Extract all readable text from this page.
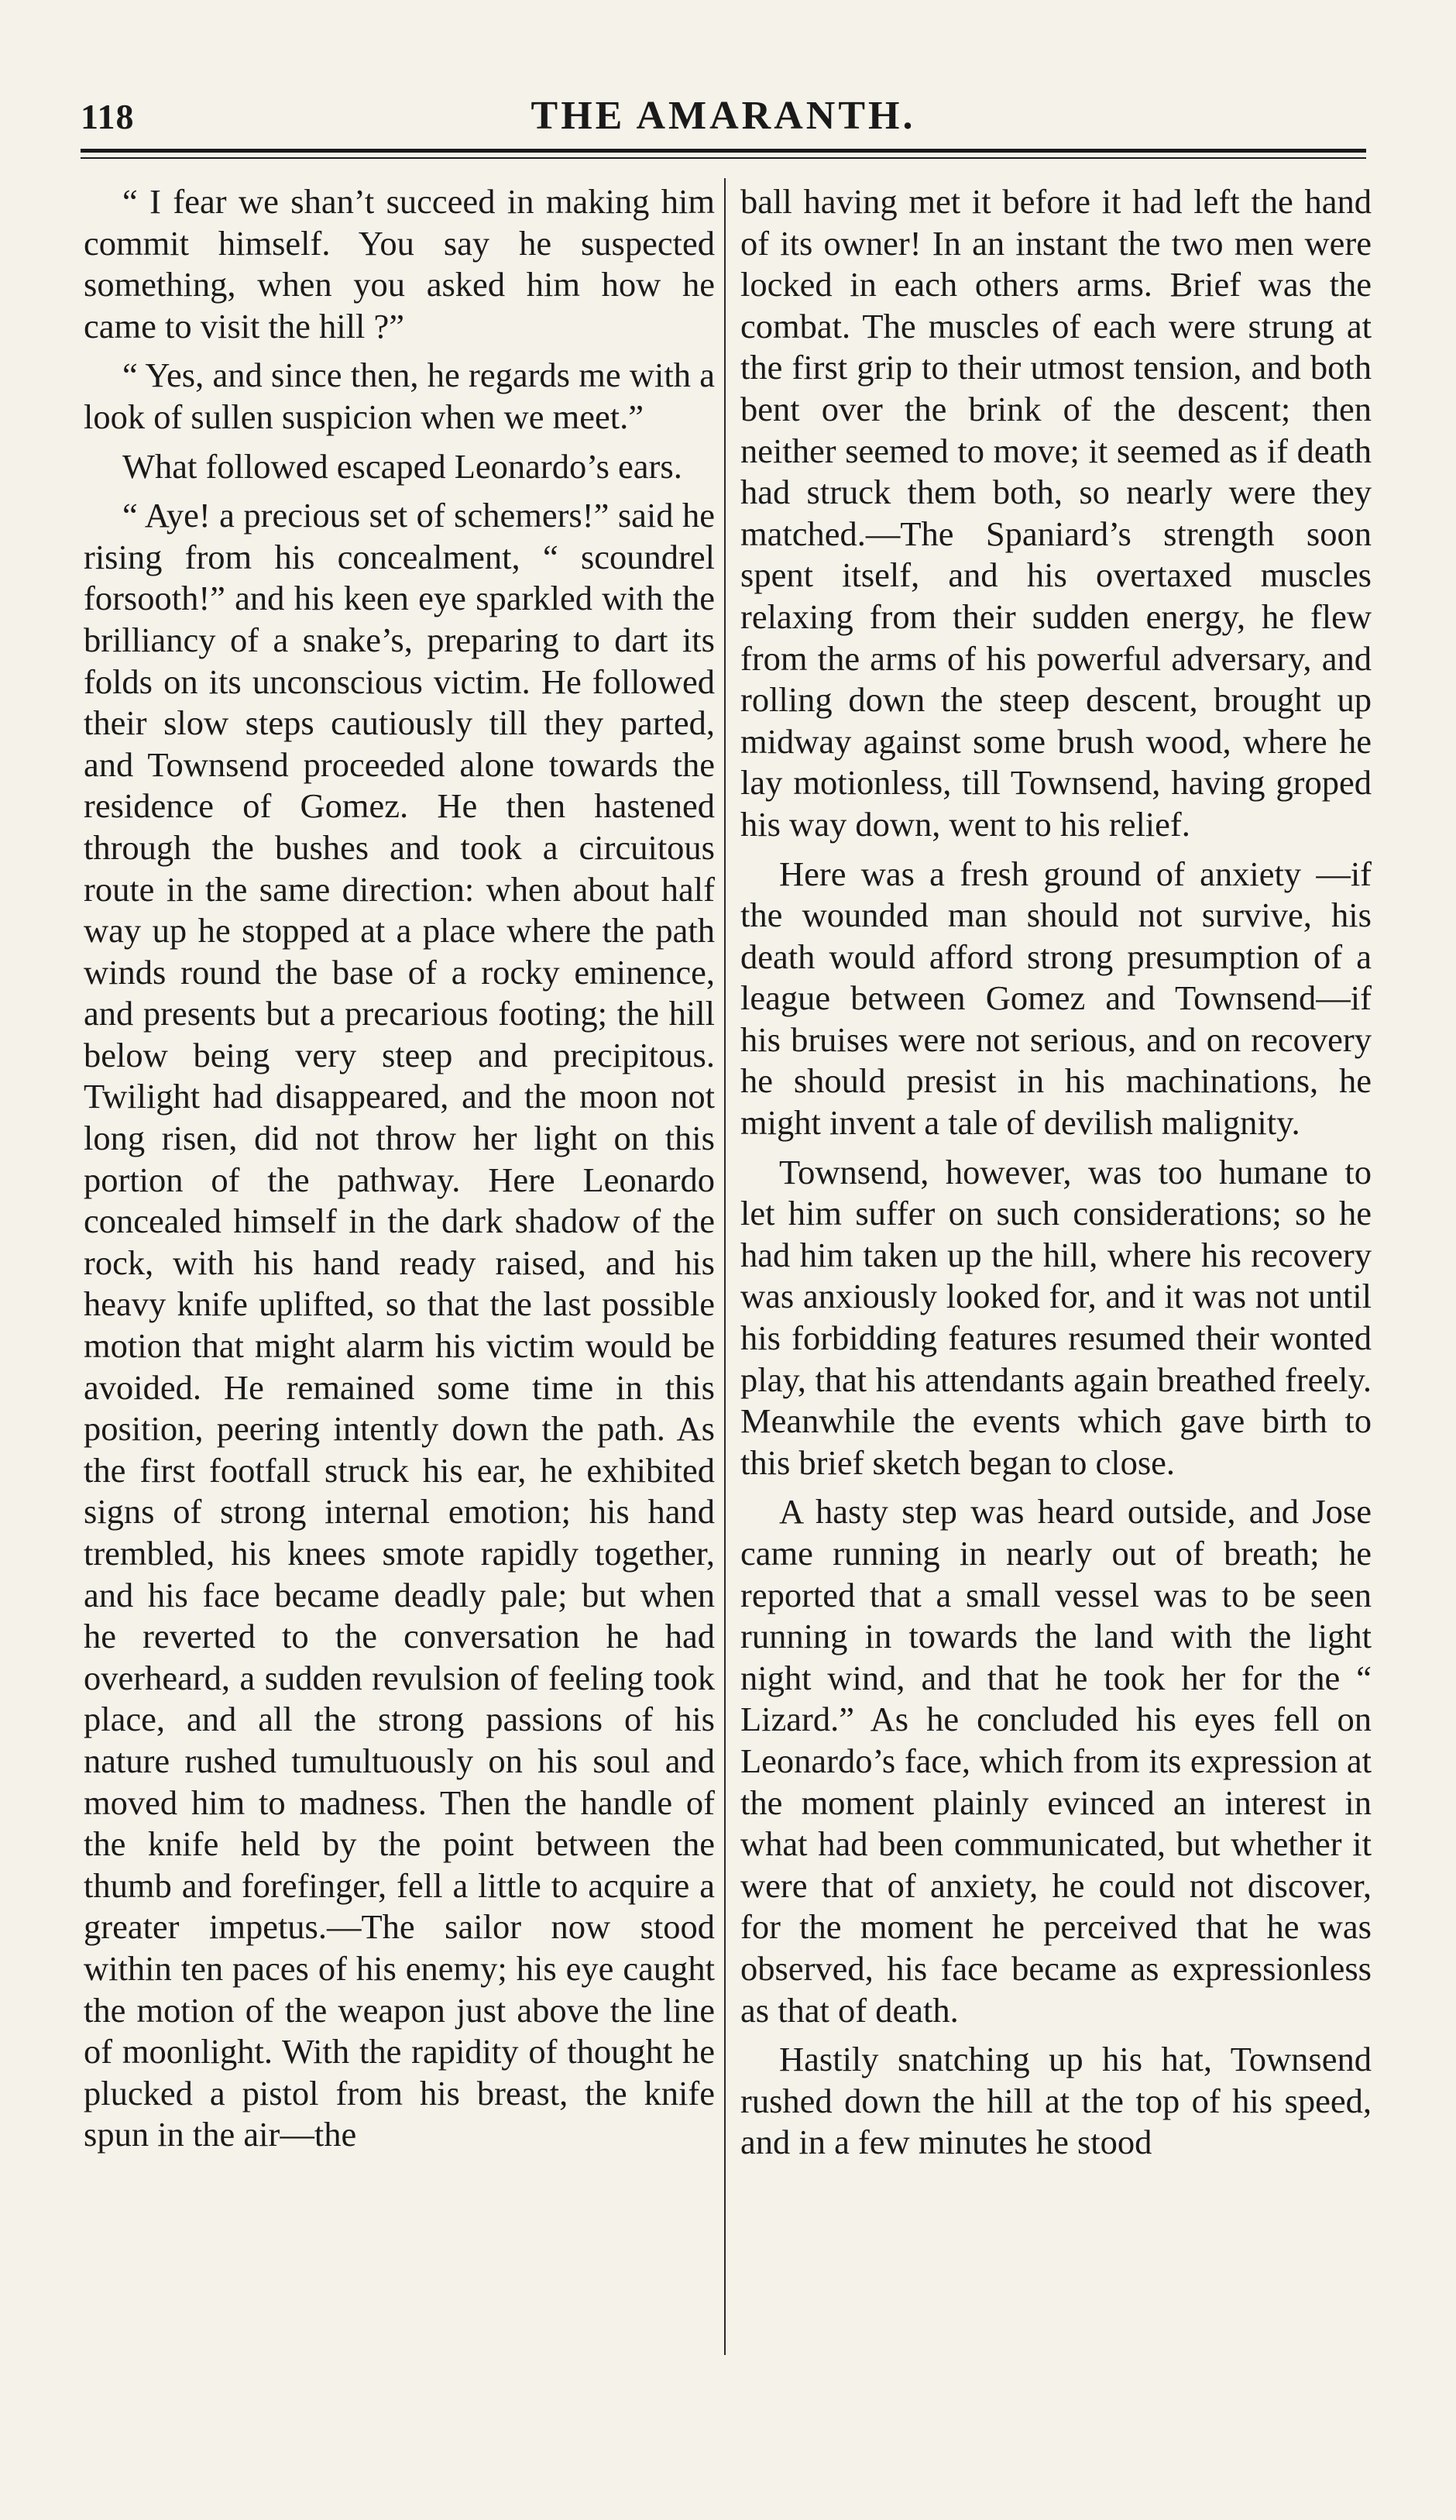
118	THE AMARANTH.

“ I fear we shan’t succeed in making him commit himself. You say he suspected something, when you asked him how he came to visit the hill ?”

“ Yes, and since then, he regards me with a look of sullen suspicion when we meet.”

What followed escaped Leonardo’s ears.

“ Aye! a precious set of schemers!” said he rising from his concealment, “ scoundrel forsooth!” and his keen eye sparkled with the brilliancy of a snake’s, preparing to dart its folds on its unconscious victim. He followed their slow steps cautiously till they parted, and Townsend proceeded alone towards the residence of Gomez. He then hastened through the bushes and took a circuitous route in the same direction: when about half way up he stopped at a place where the path winds round the base of a rocky eminence, and presents but a precarious footing; the hill below being very steep and precipitous. Twilight had disappeared, and the moon not long risen, did not throw her light on this portion of the pathway. Here Leonardo concealed himself in the dark shadow of the rock, with his hand ready raised, and his heavy knife uplifted, so that the last possible motion that might alarm his victim would be avoided. He remained some time in this position, peering intently down the path. As the first footfall struck his ear, he exhibited signs of strong internal emotion; his hand trembled, his knees smote rapidly together, and his face became deadly pale; but when he reverted to the conversation he had overheard, a sudden revulsion of feeling took place, and all the strong passions of his nature rushed tumultuously on his soul and moved him to madness. Then the handle of the knife held by the point between the thumb and forefinger, fell a little to acquire a greater impetus.—The sailor now stood within ten paces of his enemy; his eye caught the motion of the weapon just above the line of moonlight. With the rapidity of thought he plucked a pistol from his breast, the knife spun in the air—the

ball having met it before it had left the hand of its owner! In an instant the two men were locked in each others arms. Brief was the combat. The muscles of each were strung at the first grip to their utmost tension, and both bent over the brink of the descent; then neither seemed to move; it seemed as if death had struck them both, so nearly were they matched.—The Spaniard’s strength soon spent itself, and his overtaxed muscles relaxing from their sudden energy, he flew from the arms of his powerful adversary, and rolling down the steep descent, brought up midway against some brush wood, where he lay motionless, till Townsend, having groped his way down, went to his relief.

Here was a fresh ground of anxiety —if the wounded man should not survive, his death would afford strong presumption of a league between Gomez and Townsend—if his bruises were not serious, and on recovery he should presist in his machinations, he might invent a tale of devilish malignity.

Townsend, however, was too humane to let him suffer on such considerations; so he had him taken up the hill, where his recovery was anxiously looked for, and it was not until his forbidding features resumed their wonted play, that his attendants again breathed freely. Meanwhile the events which gave birth to this brief sketch began to close.

A hasty step was heard outside, and Jose came running in nearly out of breath; he reported that a small vessel was to be seen running in towards the land with the light night wind, and that he took her for the “ Lizard.” As he concluded his eyes fell on Leonardo’s face, which from its expression at the moment plainly evinced an interest in what had been communicated, but whether it were that of anxiety, he could not discover, for the moment he perceived that he was observed, his face became as expressionless as that of death.

Hastily snatching up his hat, Townsend rushed down the hill at the top of his speed, and in a few minutes he stood
